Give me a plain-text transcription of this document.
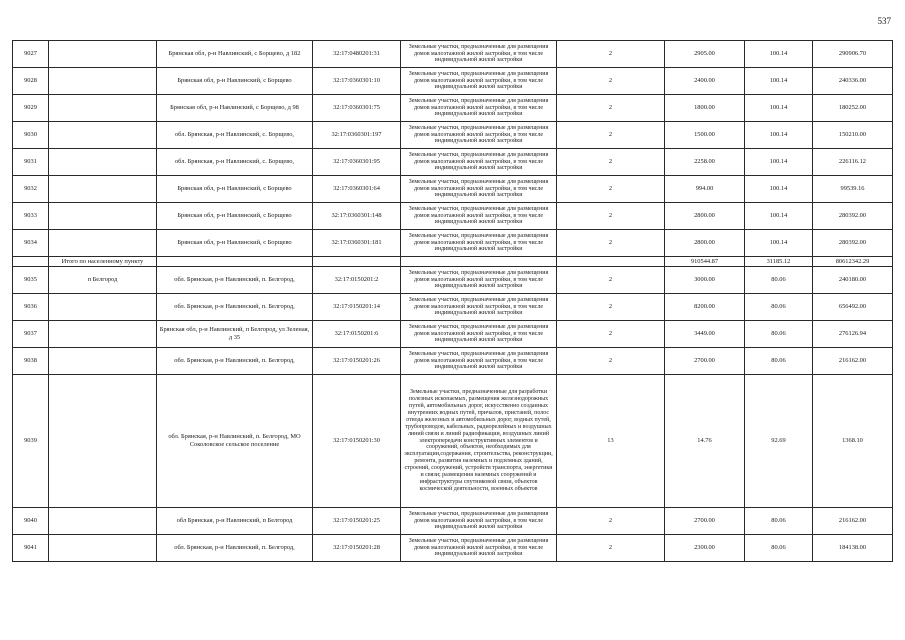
537
9027		Брянская обл, р-н Навлинский, с Борщево, д 182	32:17:0480201:31	Земельные участки, предназначенные для размещения домов малоэтажной жилой застройки, в том числе индивидуальной жилой застройки	2	2905.00	100.14	290906.70
9028		Брянская обл, р-н Навлинский, с Борщево	32:17:0360301:10	Земельные участки, предназначенные для размещения домов малоэтажной жилой застройки, в том числе индивидуальной жилой застройки	2	2400.00	100.14	240336.00
9029		Брянская обл, р-н Навлинский, с Борщево, д 98	32:17:0360301:75	Земельные участки, предназначенные для размещения домов малоэтажной жилой застройки, в том числе индивидуальной жилой застройки	2	1800.00	100.14	180252.00
9030		обл. Брянская, р-н Навлинский, с. Борщево,	32:17:0360301:197	Земельные участки, предназначенные для размещения домов малоэтажной жилой застройки, в том числе индивидуальной жилой застройки	2	1500.00	100.14	150210.00
9031		обл. Брянская, р-н Навлинский, с. Борщево,	32:17:0360301:95	Земельные участки, предназначенные для размещения домов малоэтажной жилой застройки, в том числе индивидуальной жилой застройки	2	2258.00	100.14	226116.12
9032		Брянская обл, р-н Навлинский, с Борщево	32:17:0360301:64	Земельные участки, предназначенные для размещения домов малоэтажной жилой застройки, в том числе индивидуальной жилой застройки	2	994.00	100.14	99539.16
9033		Брянская обл, р-н Навлинский, с Борщево	32:17:0360301:148	Земельные участки, предназначенные для размещения домов малоэтажной жилой застройки, в том числе индивидуальной жилой застройки	2	2800.00	100.14	280392.00
9034		Брянская обл, р-н Навлинский, с Борщево	32:17:0360301:181	Земельные участки, предназначенные для размещения домов малоэтажной жилой застройки, в том числе индивидуальной жилой застройки	2	2800.00	100.14	280392.00
	Итого по населенному пункту					910544.87	31185.12	80612342.29
9035	п Белгород	обл. Брянская, р-н Навлинский, п. Белгород,	32:17:0150201:2	Земельные участки, предназначенные для размещения домов малоэтажной жилой застройки, в том числе индивидуальной жилой застройки	2	3000.00	80.06	240180.00
9036		обл. Брянская, р-н Навлинский, п. Белгород,	32:17:0150201:14	Земельные участки, предназначенные для размещения домов малоэтажной жилой застройки, в том числе индивидуальной жилой застройки	2	8200.00	80.06	656492.00
9037		Брянская обл, р-н Навлинский, п Белгород, ул Зеленая, д 35	32:17:0150201:6	Земельные участки, предназначенные для размещения домов малоэтажной жилой застройки, в том числе индивидуальной жилой застройки	2	3449.00	80.06	276126.94
9038		обл. Брянская, р-н Навлинский, п. Белгород,	32:17:0150201:26	Земельные участки, предназначенные для размещения домов малоэтажной жилой застройки, в том числе индивидуальной жилой застройки	2	2700.00	80.06	216162.00
9039		обл. Брянская, р-н Навлинский, п. Белгород, МО Соколовское сельское поселение	32:17:0150201:30	Земельные участки, предназначенные для разработки полезных ископаемых, размещения железнодорожных путей, автомобильных дорог, искусственно созданных внутренних водных путей, причалов, пристаней, полос отвода железных и автомобильных дорог, водных путей, трубопроводов, кабельных, радиорелейных и воздушных линий связи и линий радиофикации, воздушных линий электропередачи конструктивных элементов и сооружений, объектов, необходимых для эксплуатации,содержания, строительства, реконструкции, ремонта, развития наземных и подземных зданий, строений, сооружений, устройств транспорта, энергетики и связи; размещения наземных сооружений и инфраструктуры спутниковой связи, объектов космической деятельности, военных объектов	13	14.76	92.69	1368.10
9040		обл Брянская, р-н Навлинский, п Белгород	32:17:0150201:25	Земельные участки, предназначенные для размещения домов малоэтажной жилой застройки, в том числе индивидуальной жилой застройки	2	2700.00	80.06	216162.00
9041		обл. Брянская, р-н Навлинский, п. Белгород,	32:17:0150201:28	Земельные участки, предназначенные для размещения домов малоэтажной жилой застройки, в том числе индивидуальной жилой застройки	2	2300.00	80.06	184138.00
